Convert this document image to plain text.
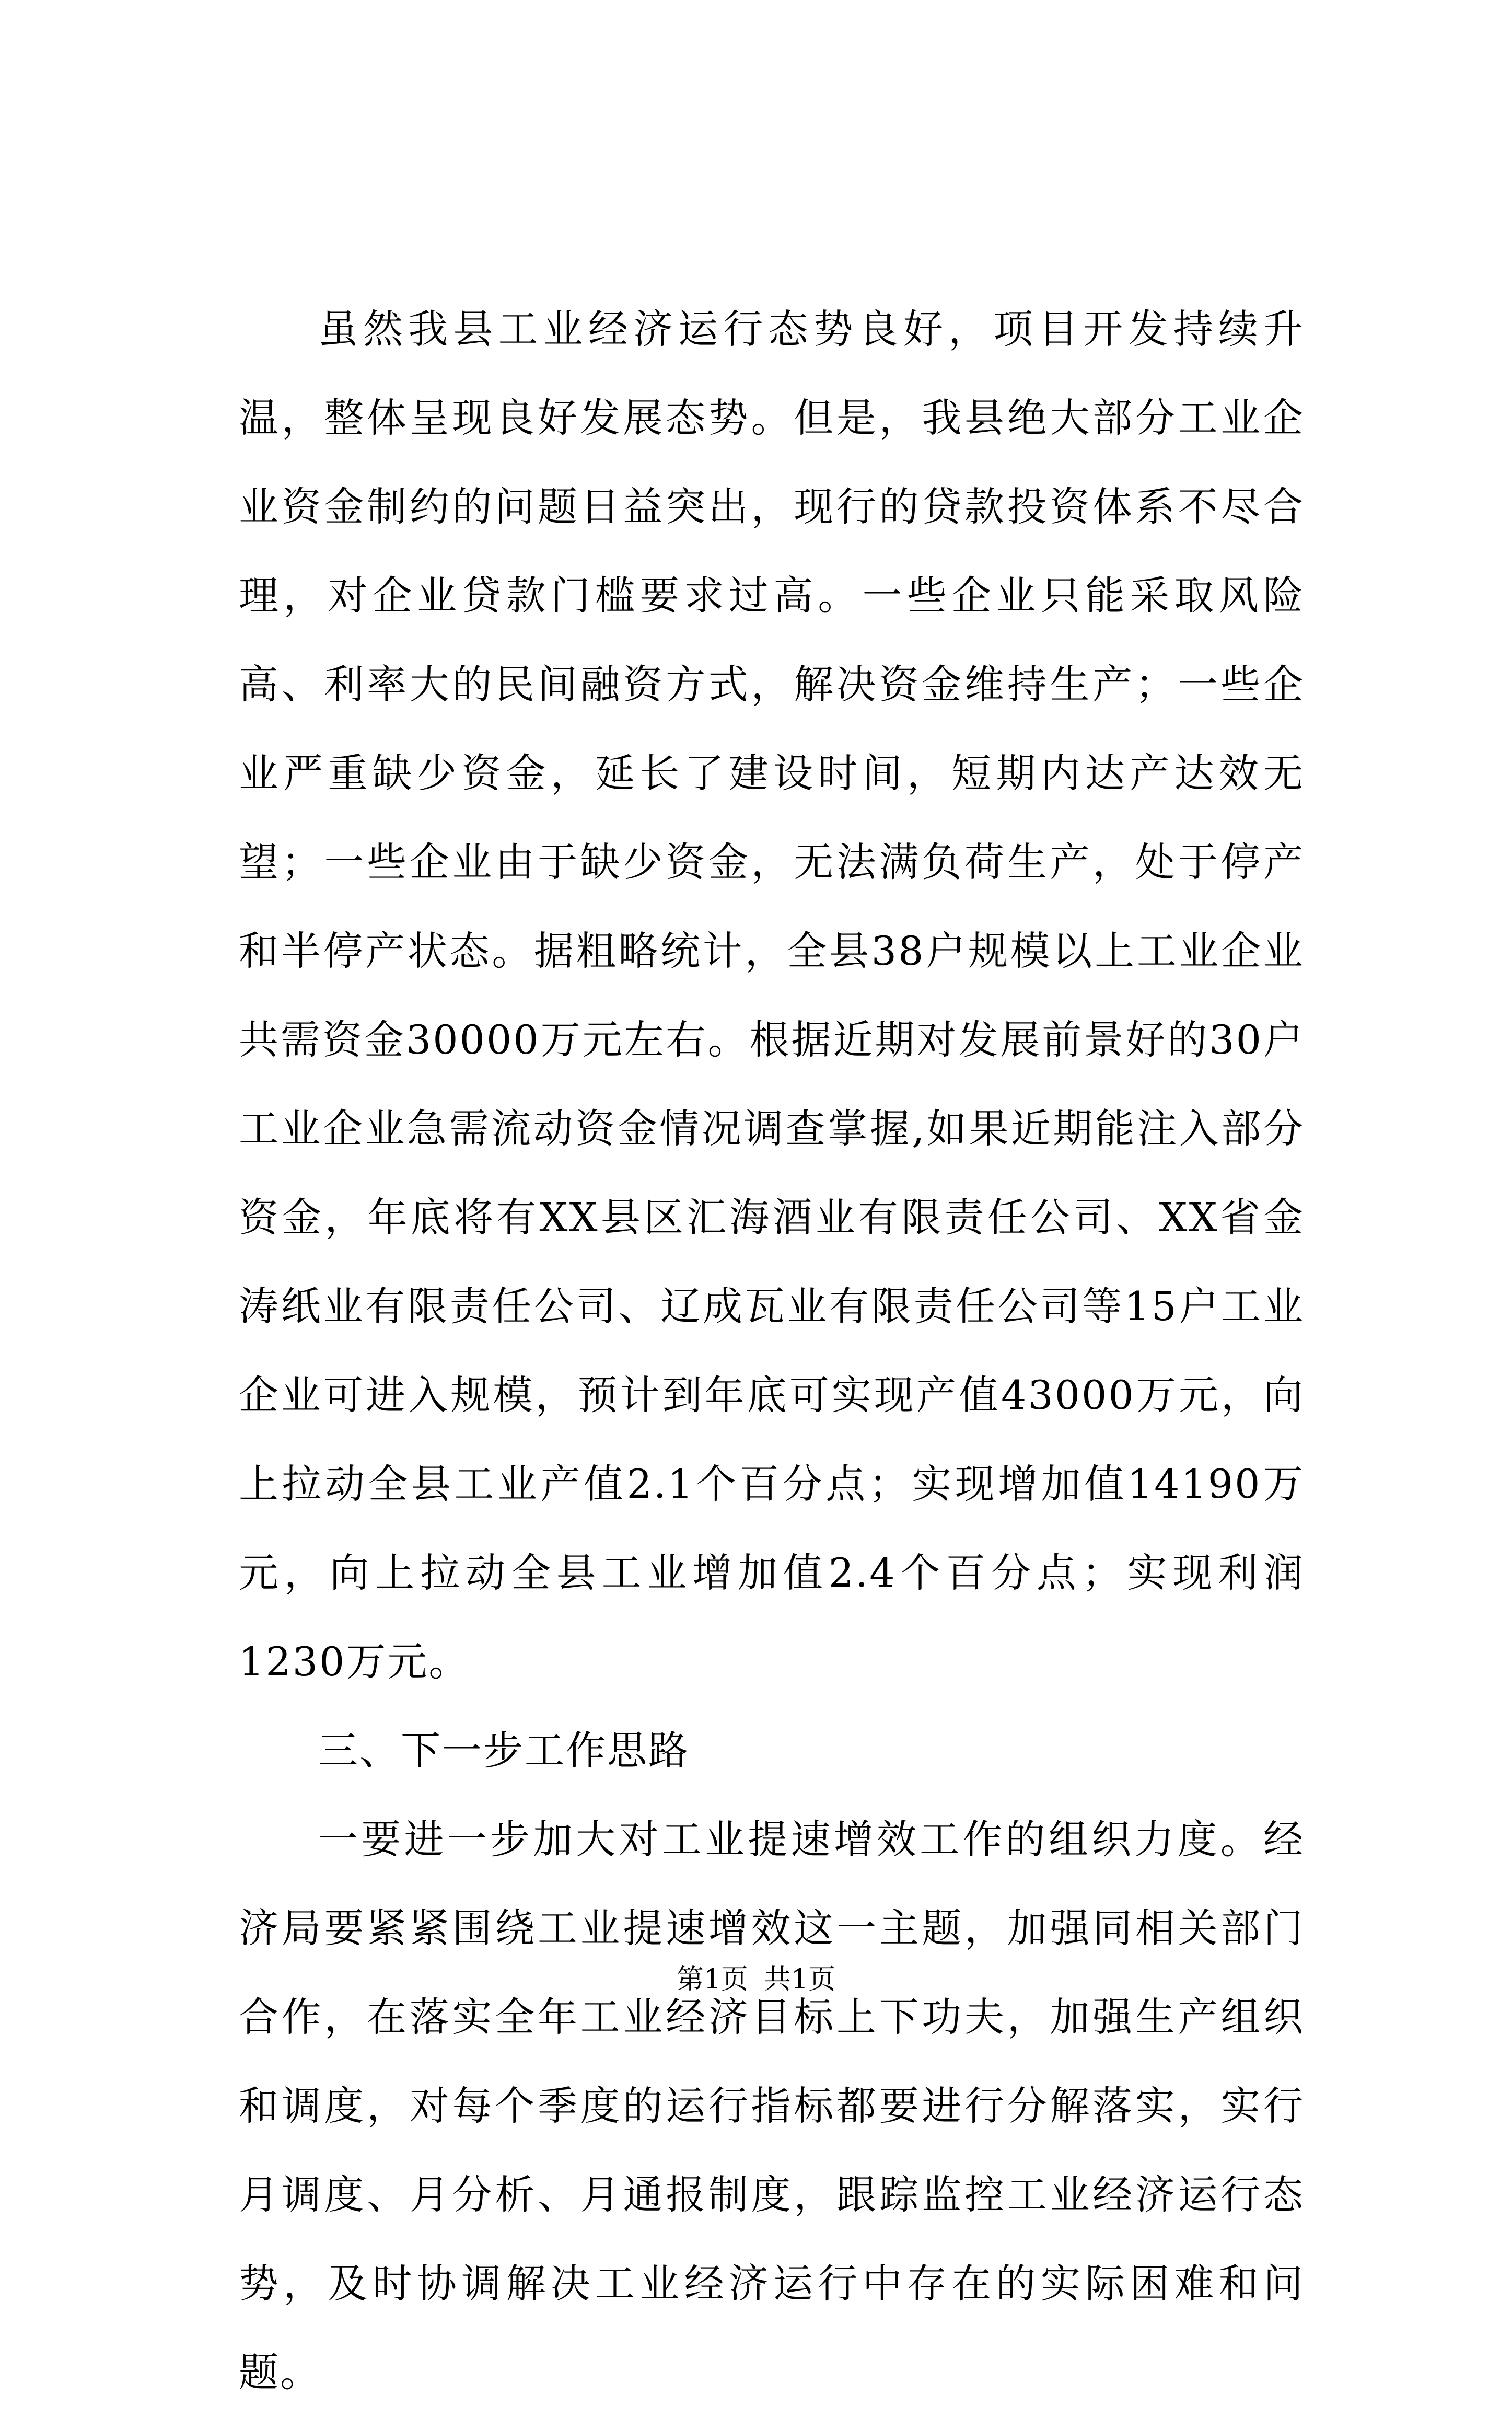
虽然我县工业经济运行态势良好，项目开发持续升温，整体呈现良好发展态势。但是，我县绝大部分工业企业资金制约的问题日益突出，现行的贷款投资体系不尽合理，对企业贷款门槛要求过高。一些企业只能采取风险高、利率大的民间融资方式，解决资金维持生产；一些企业严重缺少资金，延长了建设时间，短期内达产达效无望；一些企业由于缺少资金，无法满负荷生产，处于停产和半停产状态。据粗略统计，全县38户规模以上工业企业共需资金30000万元左右。根据近期对发展前景好的30户工业企业急需流动资金情况调查掌握,如果近期能注入部分资金，年底将有XX县区汇海酒业有限责任公司、XX省金涛纸业有限责任公司、辽成瓦业有限责任公司等15户工业企业可进入规模，预计到年底可实现产值43000万元，向上拉动全县工业产值2.1个百分点；实现增加值14190万元，向上拉动全县工业增加值2.4个百分点；实现利润1230万元。

三、下一步工作思路

一要进一步加大对工业提速增效工作的组织力度。经济局要紧紧围绕工业提速增效这一主题，加强同相关部门合作，在落实全年工业经济目标上下功夫，加强生产组织和调度，对每个季度的运行指标都要进行分解落实，实行月调度、月分析、月通报制度，跟踪监控工业经济运行态势，及时协调解决工业经济运行中存在的实际困难和问题。

第1页 共1页
